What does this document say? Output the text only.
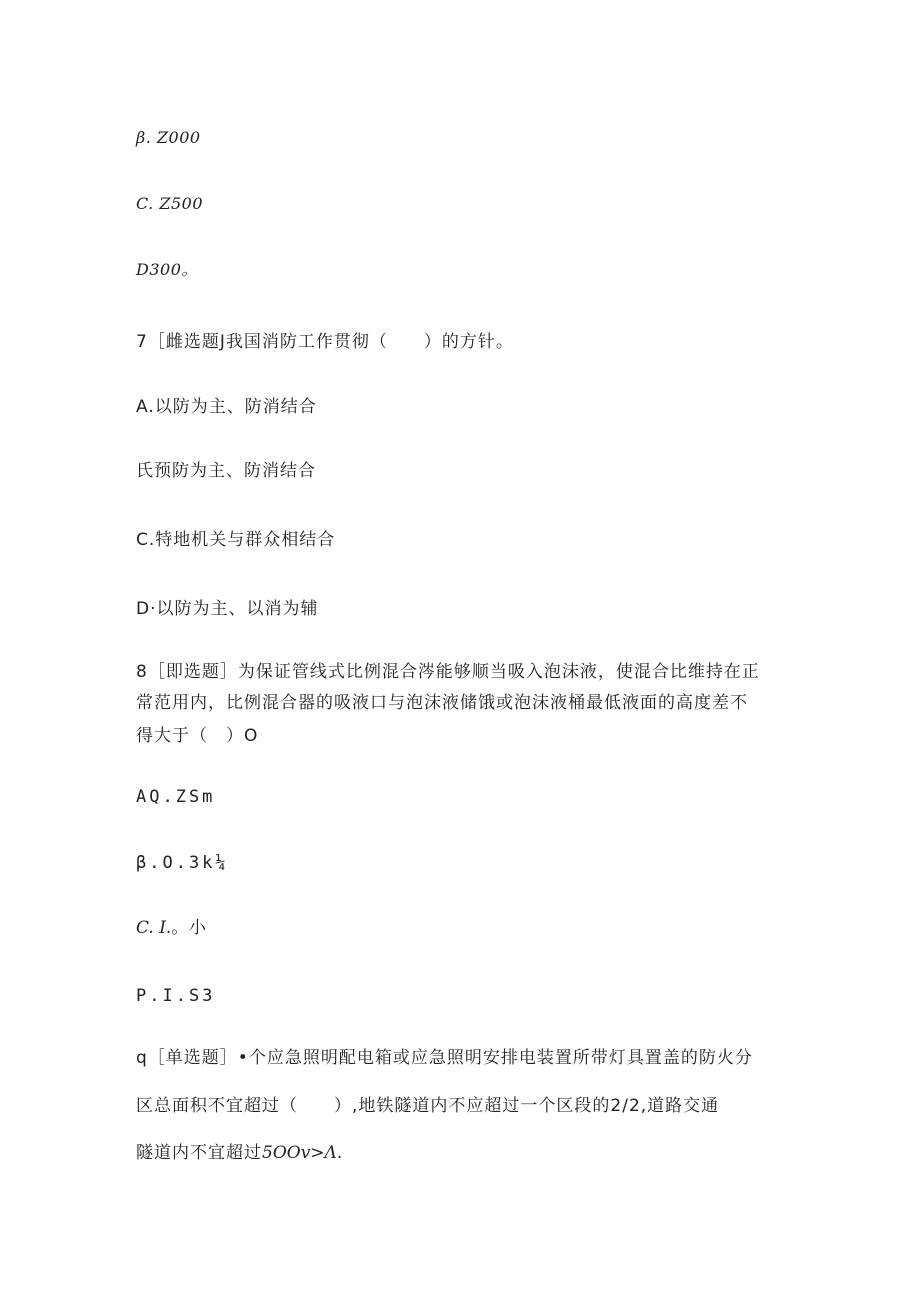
β. Z000
C. Z500
D300。
7［雌选题J我国消防工作贯彻（　　）的方针。
A.以防为主、防消结合
氏预防为主、防消结合
C.特地机关与群众相结合
D·以防为主、以消为辅
8［即选题］为保证管线式比例混合涔能够顺当吸入泡沫液，使混合比维持在正
常范用内，比例混合器的吸液口与泡沫液储饿或泡沫液桶最低液面的高度差不
得大于（　）O
AQ.ZSm
β.O.3k¼
C. I.。小
P.I.S3
q［单选题］•个应急照明配电箱或应急照明安排电装置所带灯具置盖的防火分
区总面积不宜超过（　　）,地铁隧道内不应超过一个区段的2/2,道路交通
隧道内不宜超过5OOv>Λ.
